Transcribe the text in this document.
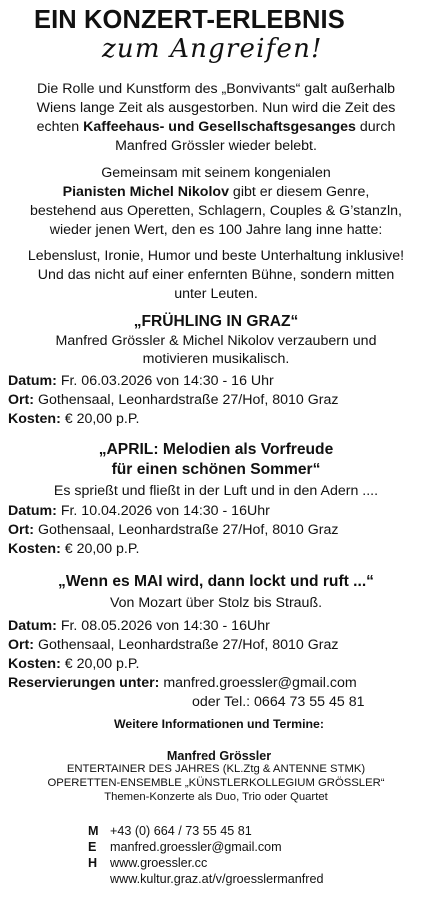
EIN KONZERT-ERLEBNIS
zum Angreifen!
Die Rolle und Kunstform des „Bonvivants“ galt außerhalb
Wiens lange Zeit als ausgestorben. Nun wird die Zeit des
echten Kaffeehaus- und Gesellschaftsgesanges durch
Manfred Grössler wieder belebt.
Gemeinsam mit seinem kongenialen
Pianisten Michel Nikolov gibt er diesem Genre,
bestehend aus Operetten, Schlagern, Couples & G’stanzln,
wieder jenen Wert, den es 100 Jahre lang inne hatte:
Lebenslust, Ironie, Humor und beste Unterhaltung inklusive!
Und das nicht auf einer enfernten Bühne, sondern mitten
unter Leuten.
„FRÜHLING IN GRAZ“
Manfred Grössler & Michel Nikolov verzaubern und
motivieren musikalisch.
Datum: Fr. 06.03.2026 von 14:30 - 16 Uhr
Ort: Gothensaal, Leonhardstraße 27/Hof, 8010 Graz
Kosten: € 20,00 p.P.
„APRIL: Melodien als Vorfreude
für einen schönen Sommer“
Es sprießt und fließt in der Luft und in den Adern ....
Datum: Fr. 10.04.2026 von 14:30 - 16Uhr
Ort: Gothensaal, Leonhardstraße 27/Hof, 8010 Graz
Kosten: € 20,00 p.P.
„Wenn es MAI wird, dann lockt und ruft ...“
Von Mozart über Stolz bis Strauß.
Datum: Fr. 08.05.2026 von 14:30 - 16Uhr
Ort: Gothensaal, Leonhardstraße 27/Hof, 8010 Graz
Kosten: € 20,00 p.P.
Reservierungen unter: manfred.groessler@gmail.com
oder Tel.: 0664 73 55 45 81
Weitere Informationen und Termine:
Manfred Grössler
ENTERTAINER DES JAHRES (KL.Ztg & ANTENNE STMK)
OPERETTEN-ENSEMBLE „KÜNSTLERKOLLEGIUM GRÖSSLER“
Themen-Konzerte als Duo, Trio oder Quartet
M +43 (0) 664 / 73 55 45 81
E manfred.groessler@gmail.com
H www.groessler.cc
www.kultur.graz.at/v/groesslermanfred
